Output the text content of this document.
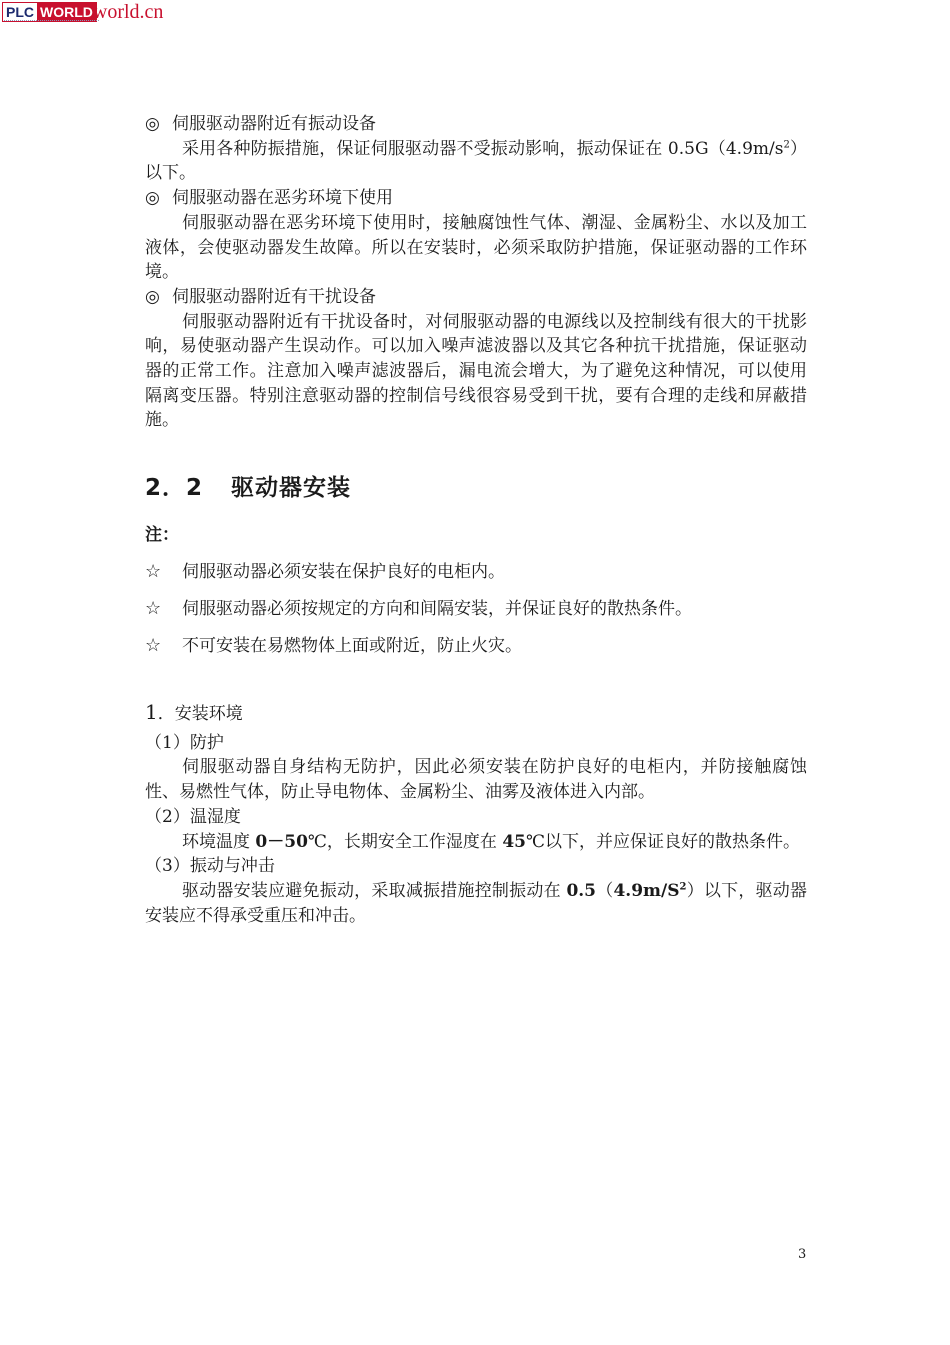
PLC WORLD world.cn

◎ 伺服驱动器附近有振动设备

采用各种防振措施，保证伺服驱动器不受振动影响，振动保证在 $0.5G(4.9m/s^2)$以下。

◎ 伺服驱动器在恶劣环境下使用

伺服驱动器在恶劣环境下使用时，接触腐蚀性气体、潮湿、金属粉尘、水以及加工液体，会使驱动器发生故障。所以在安装时，必须采取防护措施，保证驱动器的工作环境。

◎ 伺服驱动器附近有干扰设备

伺服驱动器附近有干扰设备时，对伺服驱动器的电源线以及控制线有很大的干扰影响，易使驱动器产生误动作。可以加入噪声滤波器以及其它各种抗干扰措施，保证驱动器的正常工作。注意加入噪声滤波器后，漏电流会增大，为了避免这种情况，可以使用隔离变压器。特别注意驱动器的控制信号线很容易受到干扰，要有合理的走线和屏蔽措施。

2．2 驱动器安装
注：
☆ 伺服驱动器必须安装在保护良好的电柜内。
☆ 伺服驱动器必须按规定的方向和间隔安装，并保证良好的散热条件。
☆ 不可安装在易燃物体上面或附近，防止火灾。

1．安装环境

（1）防护

伺服驱动器自身结构无防护，因此必须安装在防护良好的电柜内，并防接触腐蚀性、易燃性气体，防止导电物体、金属粉尘、油雾及液体进入内部。

（2）温湿度

环境温度 0－50℃，长期安全工作湿度在 45℃以下，并应保证良好的散热条件。

（3）振动与冲击

驱动器安装应避免振动，采取减振措施控制振动在 $0.5(4.9m/S^2)$以下，驱动器安装应不得承受重压和冲击。

3
